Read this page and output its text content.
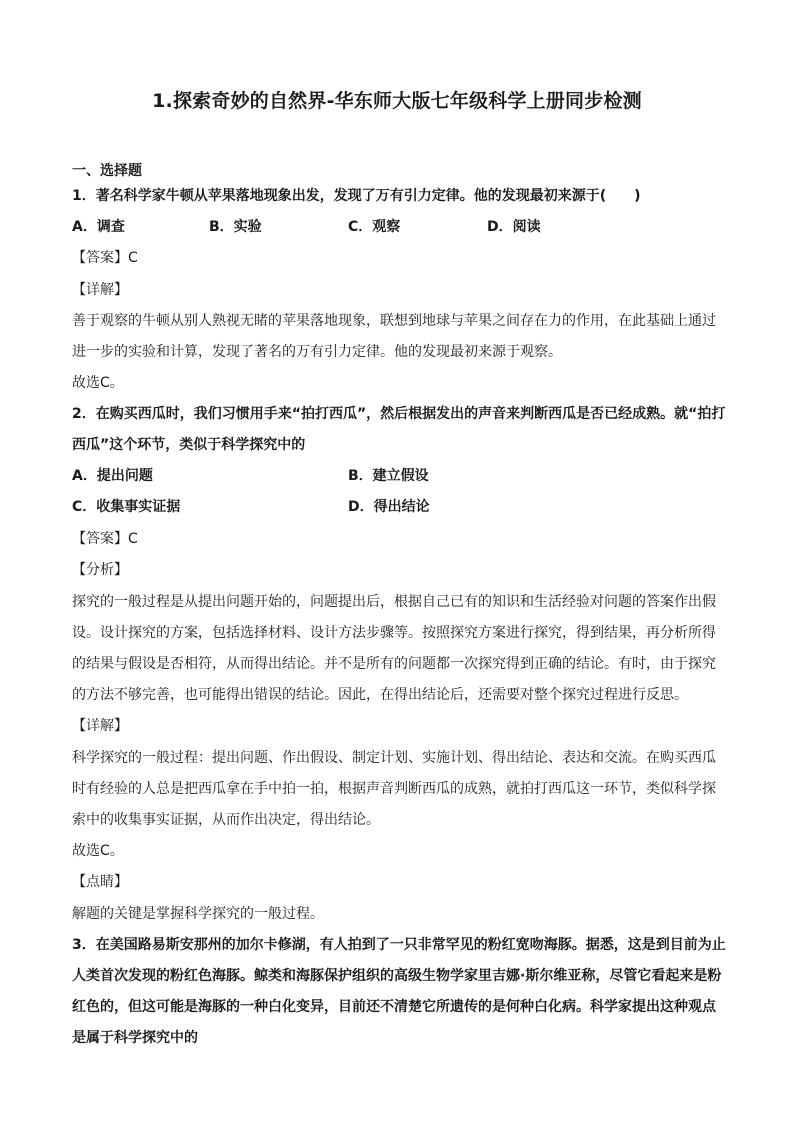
1.探索奇妙的自然界-华东师大版七年级科学上册同步检测
一、选择题
1．著名科学家牛顿从苹果落地现象出发，发现了万有引力定律。他的发现最初来源于(　　)
A．调查	B．实验	C．观察	D．阅读
【答案】C
【详解】
善于观察的牛顿从别人熟视无睹的苹果落地现象，联想到地球与苹果之间存在力的作用，在此基础上通过
进一步的实验和计算，发现了著名的万有引力定律。他的发现最初来源于观察。
故选C。
2．在购买西瓜时，我们习惯用手来“拍打西瓜”，然后根据发出的声音来判断西瓜是否已经成熟。就“拍打
西瓜”这个环节，类似于科学探究中的
A．提出问题	B．建立假设
C．收集事实证据	D．得出结论
【答案】C
【分析】
探究的一般过程是从提出问题开始的，问题提出后，根据自己已有的知识和生活经验对问题的答案作出假
设。设计探究的方案，包括选择材料、设计方法步骤等。按照探究方案进行探究，得到结果，再分析所得
的结果与假设是否相符，从而得出结论。并不是所有的问题都一次探究得到正确的结论。有时，由于探究
的方法不够完善，也可能得出错误的结论。因此，在得出结论后，还需要对整个探究过程进行反思。
【详解】
科学探究的一般过程：提出问题、作出假设、制定计划、实施计划、得出结论、表达和交流。在购买西瓜
时有经验的人总是把西瓜拿在手中拍一拍，根据声音判断西瓜的成熟，就拍打西瓜这一环节，类似科学探
索中的收集事实证据，从而作出决定，得出结论。
故选C。
【点睛】
解题的关键是掌握科学探究的一般过程。
3．在美国路易斯安那州的加尔卡修湖，有人拍到了一只非常罕见的粉红宽吻海豚。据悉，这是到目前为止
人类首次发现的粉红色海豚。鲸类和海豚保护组织的高级生物学家里吉娜·斯尔维亚称，尽管它看起来是粉
红色的，但这可能是海豚的一种白化变异，目前还不清楚它所遗传的是何种白化病。科学家提出这种观点
是属于科学探究中的
